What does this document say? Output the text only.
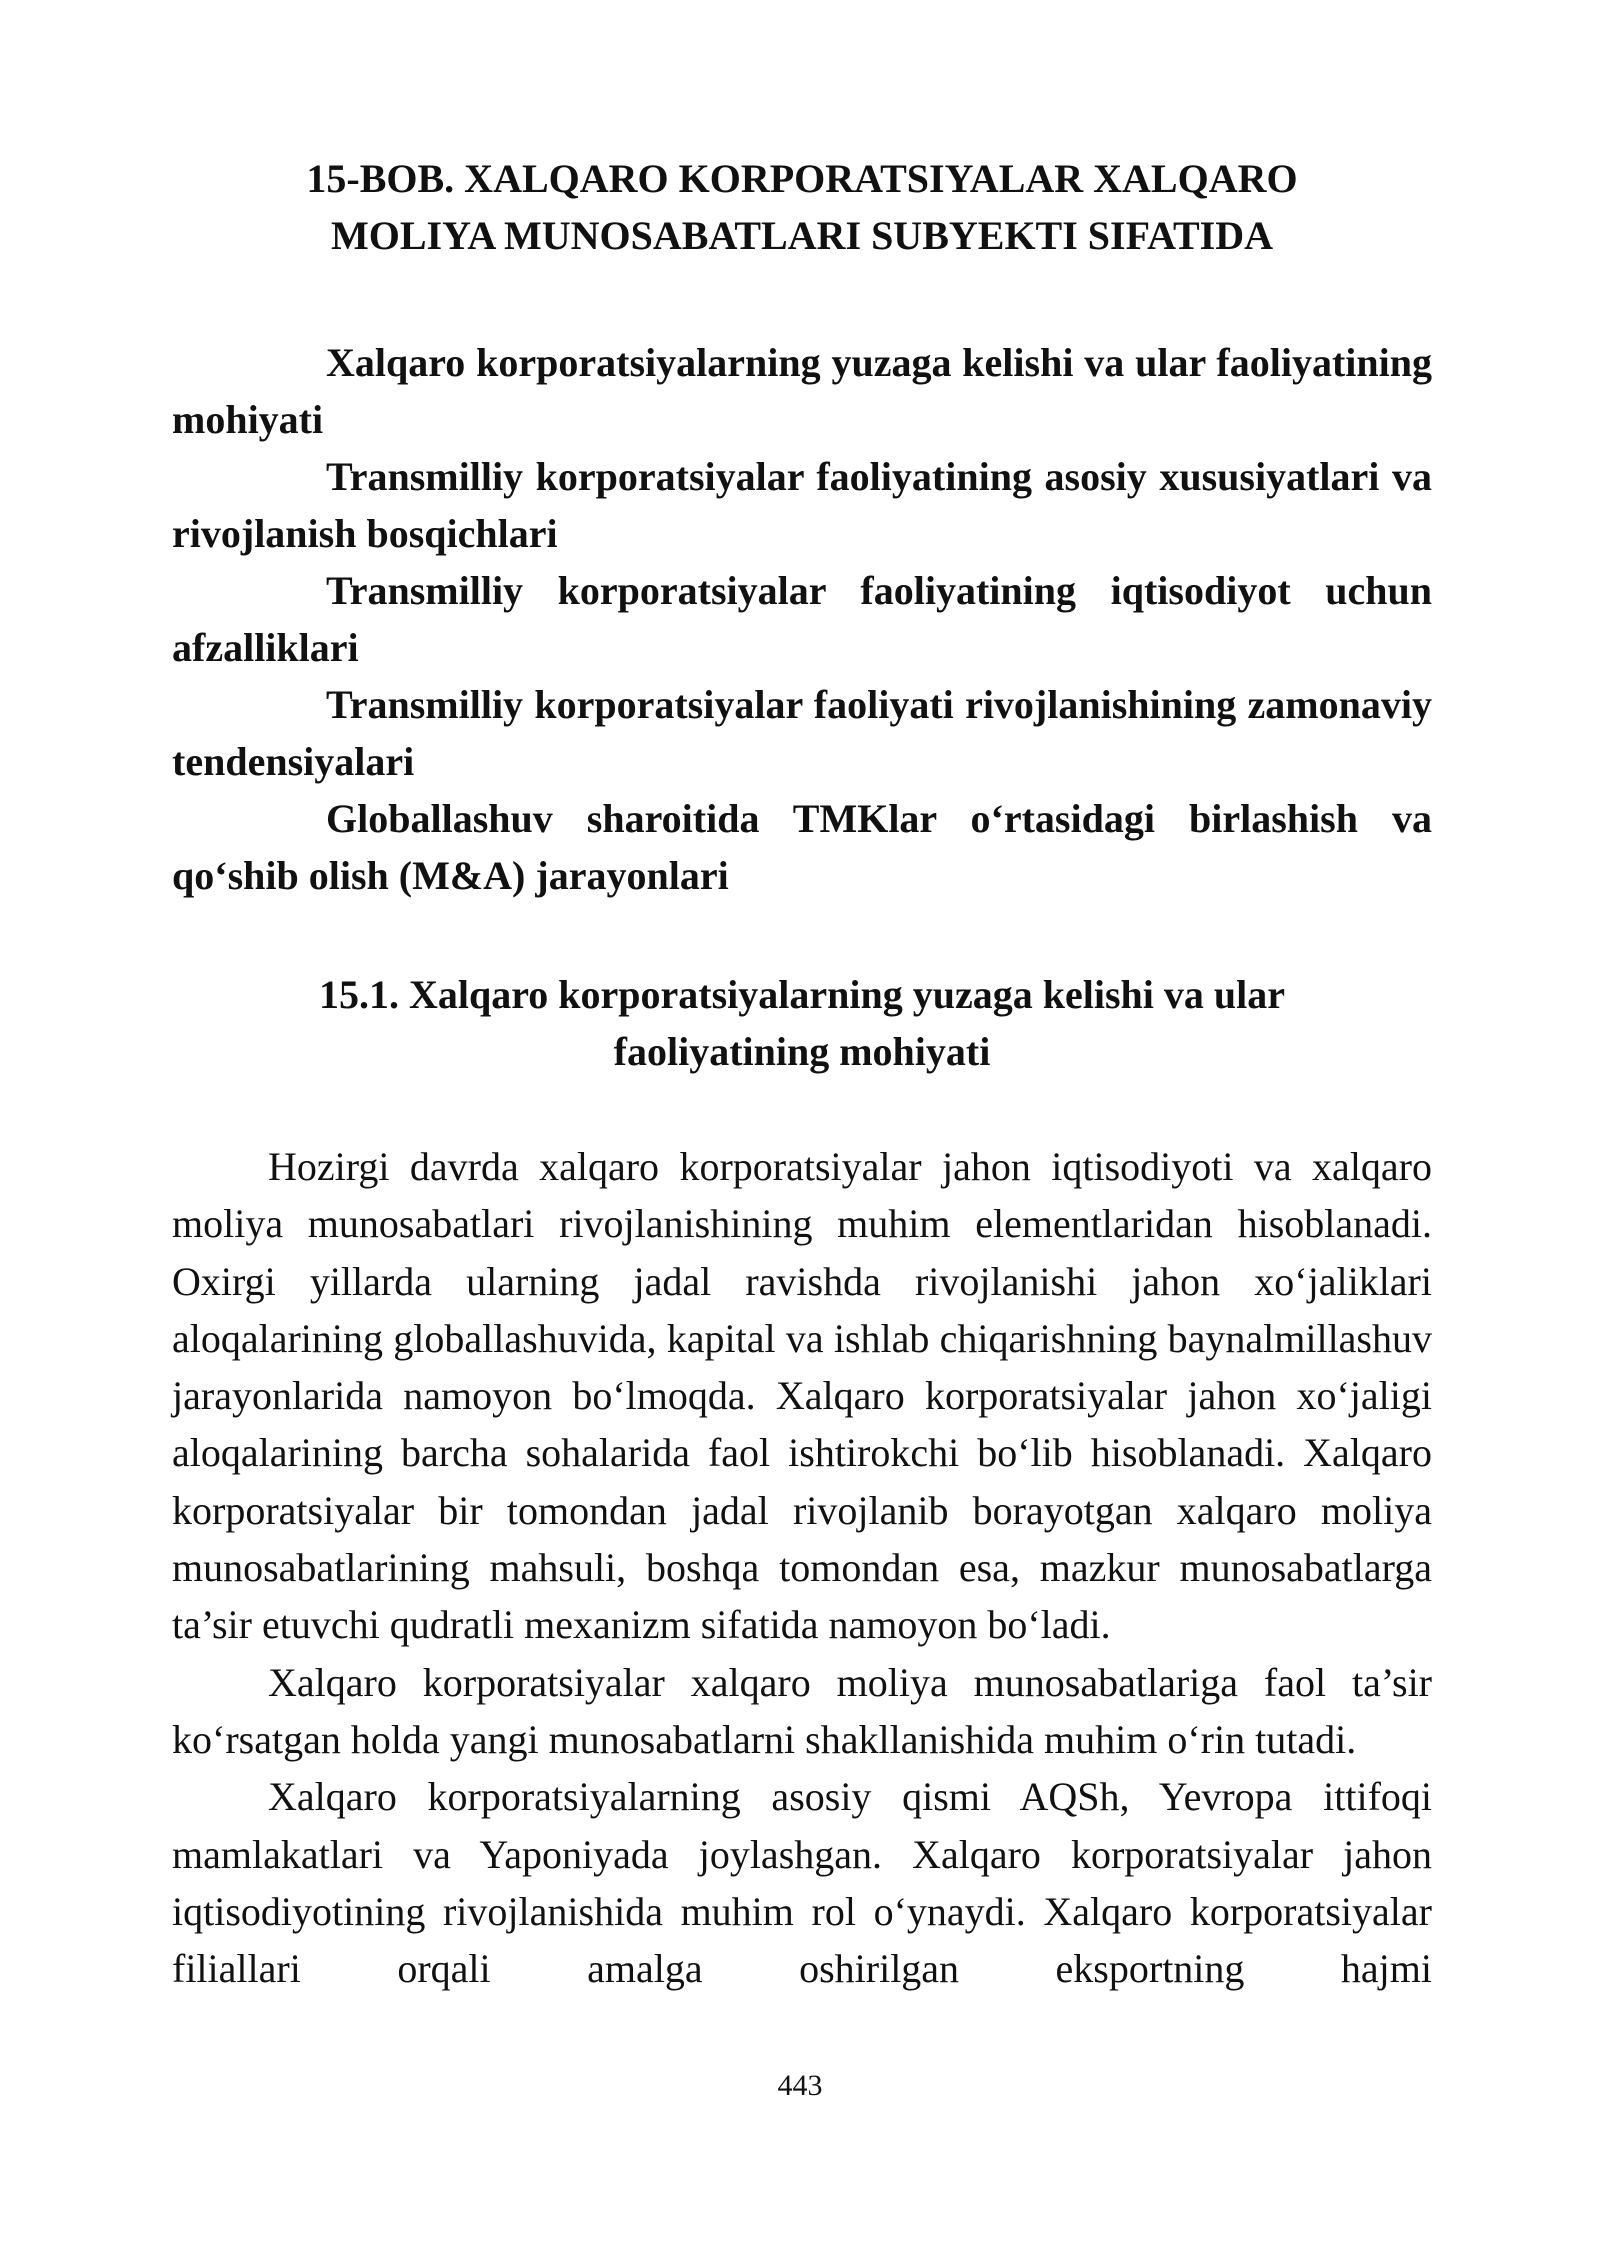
15-BOB. XALQARO KORPORATSIYALAR XALQARO
MOLIYA MUNOSABATLARI SUBYEKTI SIFATIDA

Xalqaro korporatsiyalarning yuzaga kelishi va ular faoliyatining mohiyati

Transmilliy korporatsiyalar faoliyatining asosiy xususiyatlari va rivojlanish bosqichlari

Transmilliy korporatsiyalar faoliyatining iqtisodiyot uchun afzalliklari

Transmilliy korporatsiyalar faoliyati rivojlanishining zamonaviy tendensiyalari

Globallashuv sharoitida TMKlar o‘rtasidagi birlashish va qo‘shib olish (M&A) jarayonlari

15.1. Xalqaro korporatsiyalarning yuzaga kelishi va ular
faoliyatining mohiyati

Hozirgi davrda xalqaro korporatsiyalar jahon iqtisodiyoti va xalqaro moliya munosabatlari rivojlanishining muhim elementlaridan hisoblanadi. Oxirgi yillarda ularning jadal ravishda rivojlanishi jahon xo‘jaliklari aloqalarining globallashuvida, kapital va ishlab chiqarishning baynalmillashuv jarayonlarida namoyon bo‘lmoqda. Xalqaro korporatsiyalar jahon xo‘jaligi aloqalarining barcha sohalarida faol ishtirokchi bo‘lib hisoblanadi. Xalqaro korporatsiyalar bir tomondan jadal rivojlanib borayotgan xalqaro moliya munosabatlarining mahsuli, boshqa tomondan esa, mazkur munosabatlarga ta’sir etuvchi qudratli mexanizm sifatida namoyon bo‘ladi.

Xalqaro korporatsiyalar xalqaro moliya munosabatlariga faol ta’sir ko‘rsatgan holda yangi munosabatlarni shakllanishida muhim o‘rin tutadi.

Xalqaro korporatsiyalarning asosiy qismi AQSh, Yevropa ittifoqi mamlakatlari va Yaponiyada joylashgan. Xalqaro korporatsiyalar jahon iqtisodiyotining rivojlanishida muhim rol o‘ynaydi. Xalqaro korporatsiyalar filiallari orqali amalga oshirilgan eksportning hajmi

443
